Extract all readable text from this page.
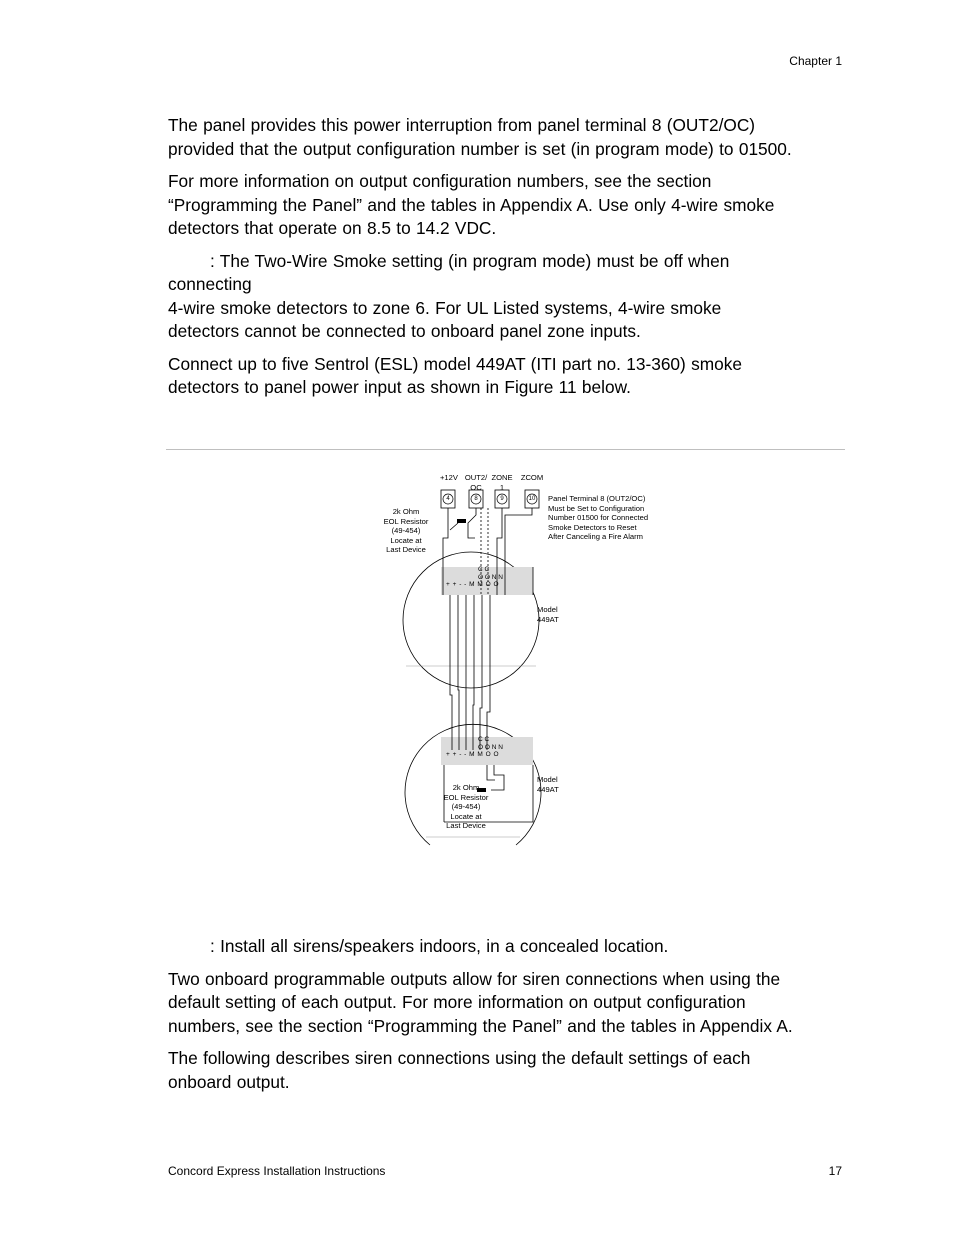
Chapter 1

The panel provides this power interruption from panel terminal 8 (OUT2/OC)
provided that the output configuration number is set (in program mode) to 01500.

For more information on output configuration numbers, see the section
“Programming the Panel” and the tables in Appendix A. Use only 4-wire smoke
detectors that operate on 8.5 to 14.2 VDC.

: The Two-Wire Smoke setting (in program mode) must be off when
connecting
4-wire smoke detectors to zone 6. For UL Listed systems, 4-wire smoke
detectors cannot be connected to onboard panel zone inputs.

Connect up to five Sentrol (ESL) model 449AT (ITI part no. 13-360) smoke
detectors to panel power input as shown in Figure 11 below.

+12V OUT2/
OC
ZONE
1
ZCOM
4	8	9	10
2k Ohm
EOL Resistor
(49-454)
Locate at
Last Device
Panel Terminal 8 (OUT2/OC)
Must be Set to Configuration
Number 01500 for Connected
Smoke Detectors to Reset
After Canceling a Fire Alarm
C C
O O N N
+ + - - M M O O
Model
449AT
C C
O O N N
+ + - - M M O O
Model
449AT
2k Ohm
EOL Resistor
(49-454)
Locate at
Last Device

: Install all sirens/speakers indoors, in a concealed location.

Two onboard programmable outputs allow for siren connections when using the
default setting of each output. For more information on output configuration
numbers, see the section “Programming the Panel” and the tables in Appendix A.

The following describes siren connections using the default settings of each
onboard output.

Concord Express Installation Instructions	17
